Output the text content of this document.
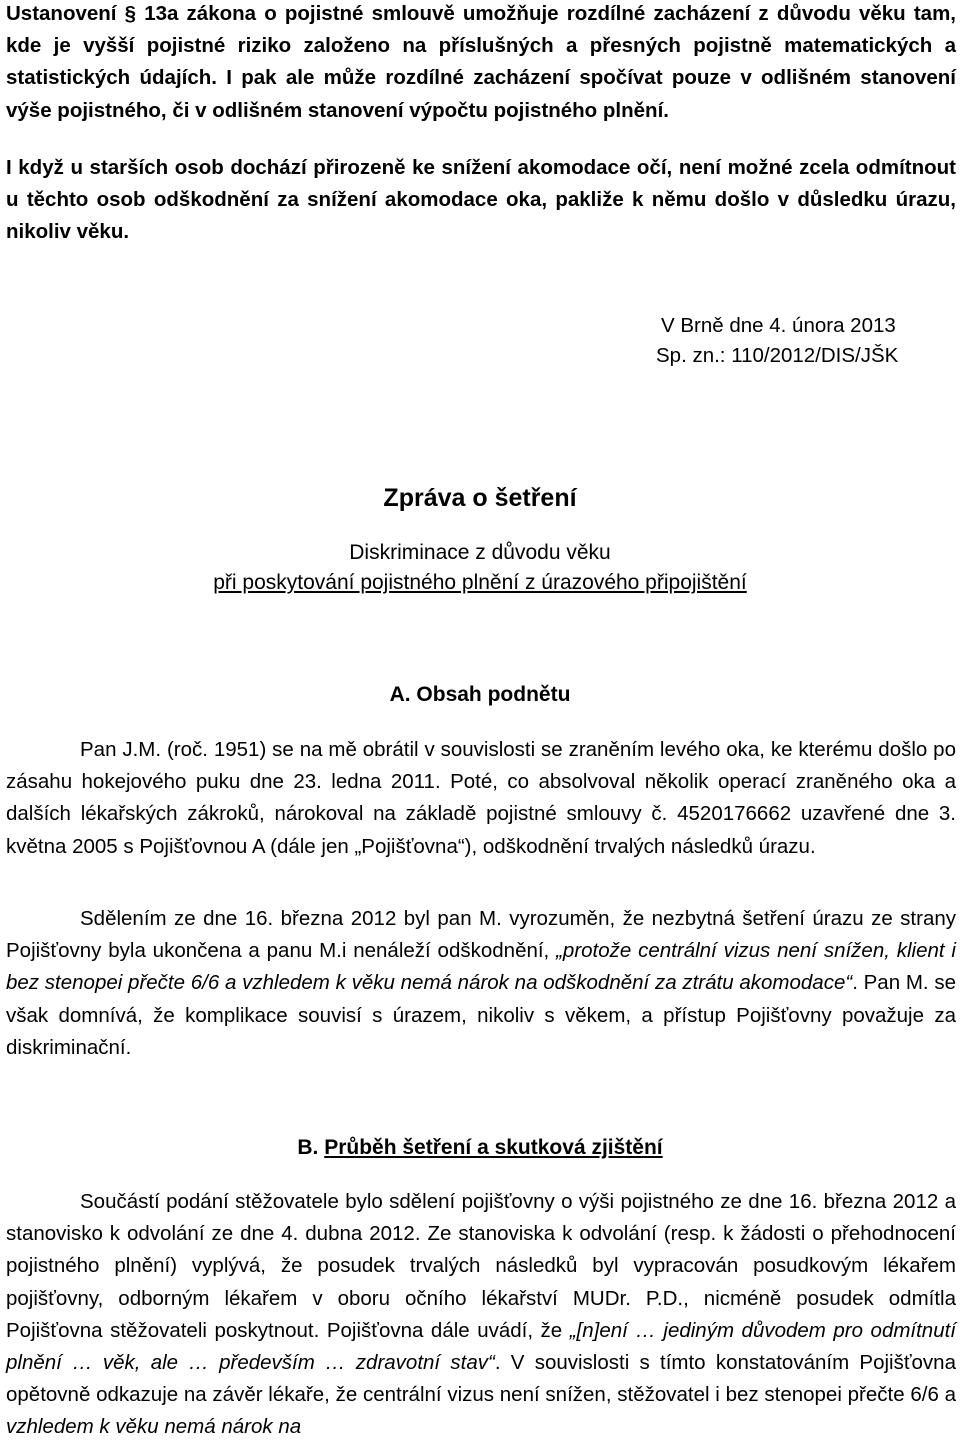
Ustanovení § 13a zákona o pojistné smlouvě umožňuje rozdílné zacházení z důvodu věku tam, kde je vyšší pojistné riziko založeno na příslušných a přesných pojistně matematických a statistických údajích. I pak ale může rozdílné zacházení spočívat pouze v odlišném stanovení výše pojistného, či v odlišném stanovení výpočtu pojistného plnění.

I když u starších osob dochází přirozeně ke snížení akomodace očí, není možné zcela odmítnout u těchto osob odškodnění za snížení akomodace oka, pakliže k němu došlo v důsledku úrazu, nikoliv věku.

V Brně dne 4. února 2013
Sp. zn.: 110/2012/DIS/JŠK

Zpráva o šetření

Diskriminace z důvodu věku

při poskytování pojistného plnění z úrazového připojištění

A. Obsah podnětu

Pan J.M. (roč. 1951) se na mě obrátil v souvislosti se zraněním levého oka, ke kterému došlo po zásahu hokejového puku dne 23. ledna 2011. Poté, co absolvoval několik operací zraněného oka a dalších lékařských zákroků, nárokoval na základě pojistné smlouvy č. 4520176662 uzavřené dne 3. května 2005 s Pojišťovnou A (dále jen „Pojišťovna“), odškodnění trvalých následků úrazu.

Sdělením ze dne 16. března 2012 byl pan M. vyrozuměn, že nezbytná šetření úrazu ze strany Pojišťovny byla ukončena a panu M.i nenáleží odškodnění, „protože centrální vizus není snížen, klient i bez stenopei přečte 6/6 a vzhledem k věku nemá nárok na odškodnění za ztrátu akomodace“. Pan M. se však domnívá, že komplikace souvisí s úrazem, nikoliv s věkem, a přístup Pojišťovny považuje za diskriminační.

B. Průběh šetření a skutková zjištění

Součástí podání stěžovatele bylo sdělení pojišťovny o výši pojistného ze dne 16. března 2012 a stanovisko k odvolání ze dne 4. dubna 2012. Ze stanoviska k odvolání (resp. k žádosti o přehodnocení pojistného plnění) vyplývá, že posudek trvalých následků byl vypracován posudkovým lékařem pojišťovny, odborným lékařem v oboru očního lékařství MUDr. P.D., nicméně posudek odmítla Pojišťovna stěžovateli poskytnout. Pojišťovna dále uvádí, že „[n]ení … jediným důvodem pro odmítnutí plnění … věk, ale … především … zdravotní stav“. V souvislosti s tímto konstatováním Pojišťovna opětovně odkazuje na závěr lékaře, že centrální vizus není snížen, stěžovatel i bez stenopei přečte 6/6 a vzhledem k věku nemá nárok na
